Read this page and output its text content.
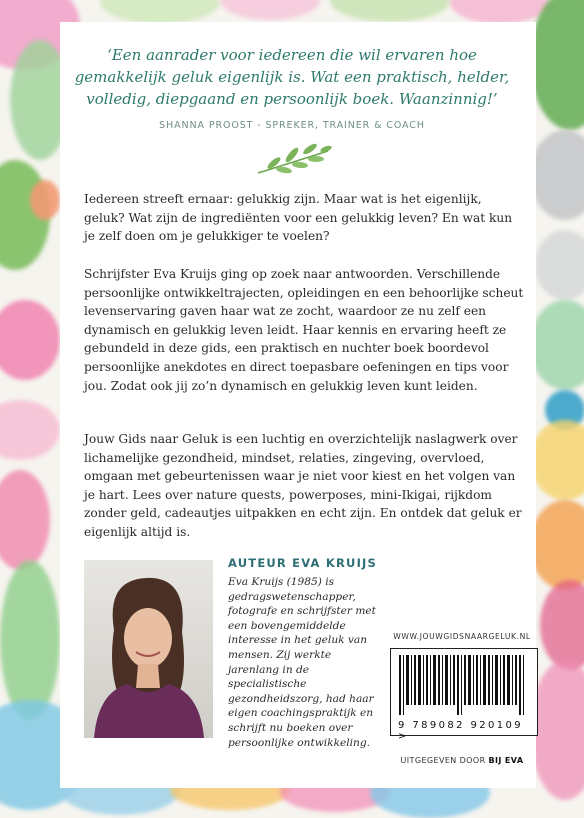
‘Een aanrader voor iedereen die wil ervaren hoe
gemakkelijk geluk eigenlijk is. Wat een praktisch, helder,
volledig, diepgaand en persoonlijk boek. Waanzinnig!’
SHANNA PROOST - SPREKER, TRAINER & COACH

Iedereen streeft ernaar: gelukkig zijn. Maar wat is het eigenlijk, geluk? Wat zijn de ingrediënten voor een gelukkig leven? En wat kun je zelf doen om je gelukkiger te voelen?

Schrijfster Eva Kruijs ging op zoek naar antwoorden. Verschillende persoonlijke ontwikkeltrajecten, opleidingen en een behoorlijke scheut levenservaring gaven haar wat ze zocht, waardoor ze nu zelf een dynamisch en gelukkig leven leidt. Haar kennis en ervaring heeft ze gebundeld in deze gids, een praktisch en nuchter boek boordevol persoonlijke anekdotes en direct toepasbare oefeningen en tips voor jou. Zodat ook jij zo’n dynamisch en gelukkig leven kunt leiden.

Jouw Gids naar Geluk is een luchtig en overzichtelijk naslagwerk over lichamelijke gezondheid, mindset, relaties, zingeving, overvloed, omgaan met gebeurtenissen waar je niet voor kiest en het volgen van je hart. Lees over nature quests, powerposes, mini-Ikigai, rijkdom zonder geld, cadeautjes uitpakken en echt zijn. En ontdek dat geluk er eigenlijk altijd is.

AUTEUR EVA KRUIJS

Eva Kruijs (1985) is gedragswetenschapper, fotografe en schrijfster met een bovengemiddelde interesse in het geluk van mensen. Zij werkte jarenlang in de specialistische gezondheidszorg, had haar eigen coachingspraktijk en schrijft nu boeken over persoonlijke ontwikkeling.

WWW.JOUWGIDSNAARGELUK.NL
9 789082 920109 >
UITGEGEVEN DOOR BIJ EVA
